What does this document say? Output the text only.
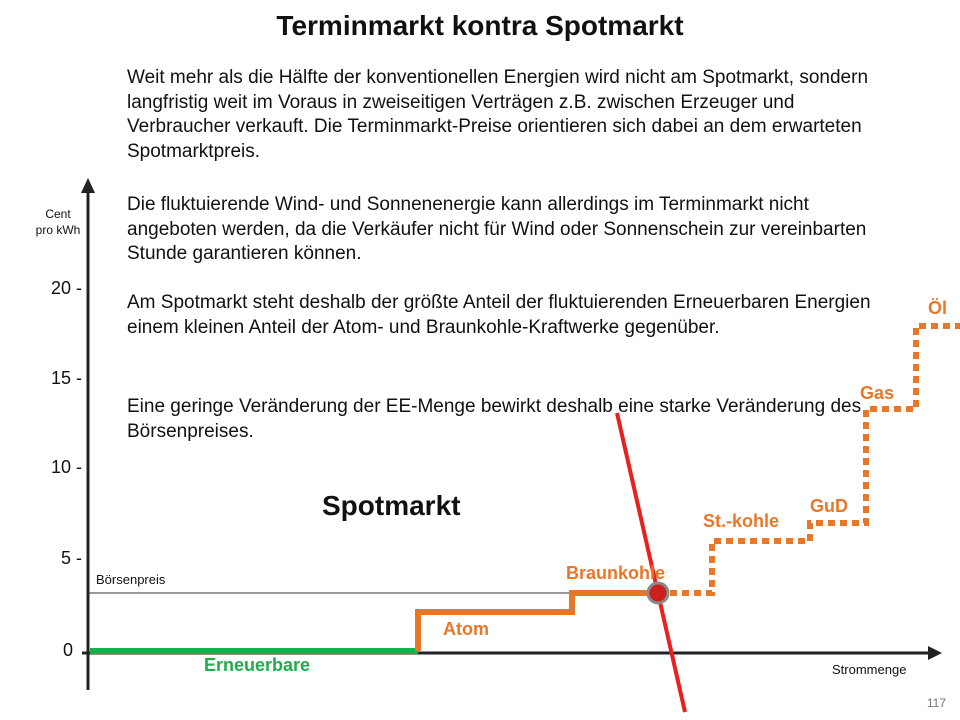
Terminmarkt kontra Spotmarkt

Weit mehr als die Hälfte der konventionellen Energien wird nicht am Spotmarkt, sondern langfristig weit im Voraus in zweiseitigen Verträgen z.B. zwischen Erzeuger und Verbraucher verkauft. Die Terminmarkt-Preise orientieren sich dabei an dem erwarteten Spotmarktpreis.

Die fluktuierende Wind- und Sonnenenergie kann allerdings im Terminmarkt nicht angeboten werden, da die Verkäufer nicht für Wind oder Sonnenschein zur vereinbarten Stunde garantieren können.

Am Spotmarkt steht deshalb der größte Anteil der fluktuierenden Erneuerbaren Energien einem kleinen Anteil der Atom- und Braunkohle-Kraftwerke gegenüber.

Eine geringe Veränderung der EE-Menge bewirkt deshalb eine starke Veränderung des Börsenpreises.

Cent
pro kWh
20 -
15 -
10 -
5 -
0
Börsenpreis
Strommenge
Spotmarkt
Erneuerbare
Atom
Braunkohle
St.-kohle
GuD
Gas
Öl
117
